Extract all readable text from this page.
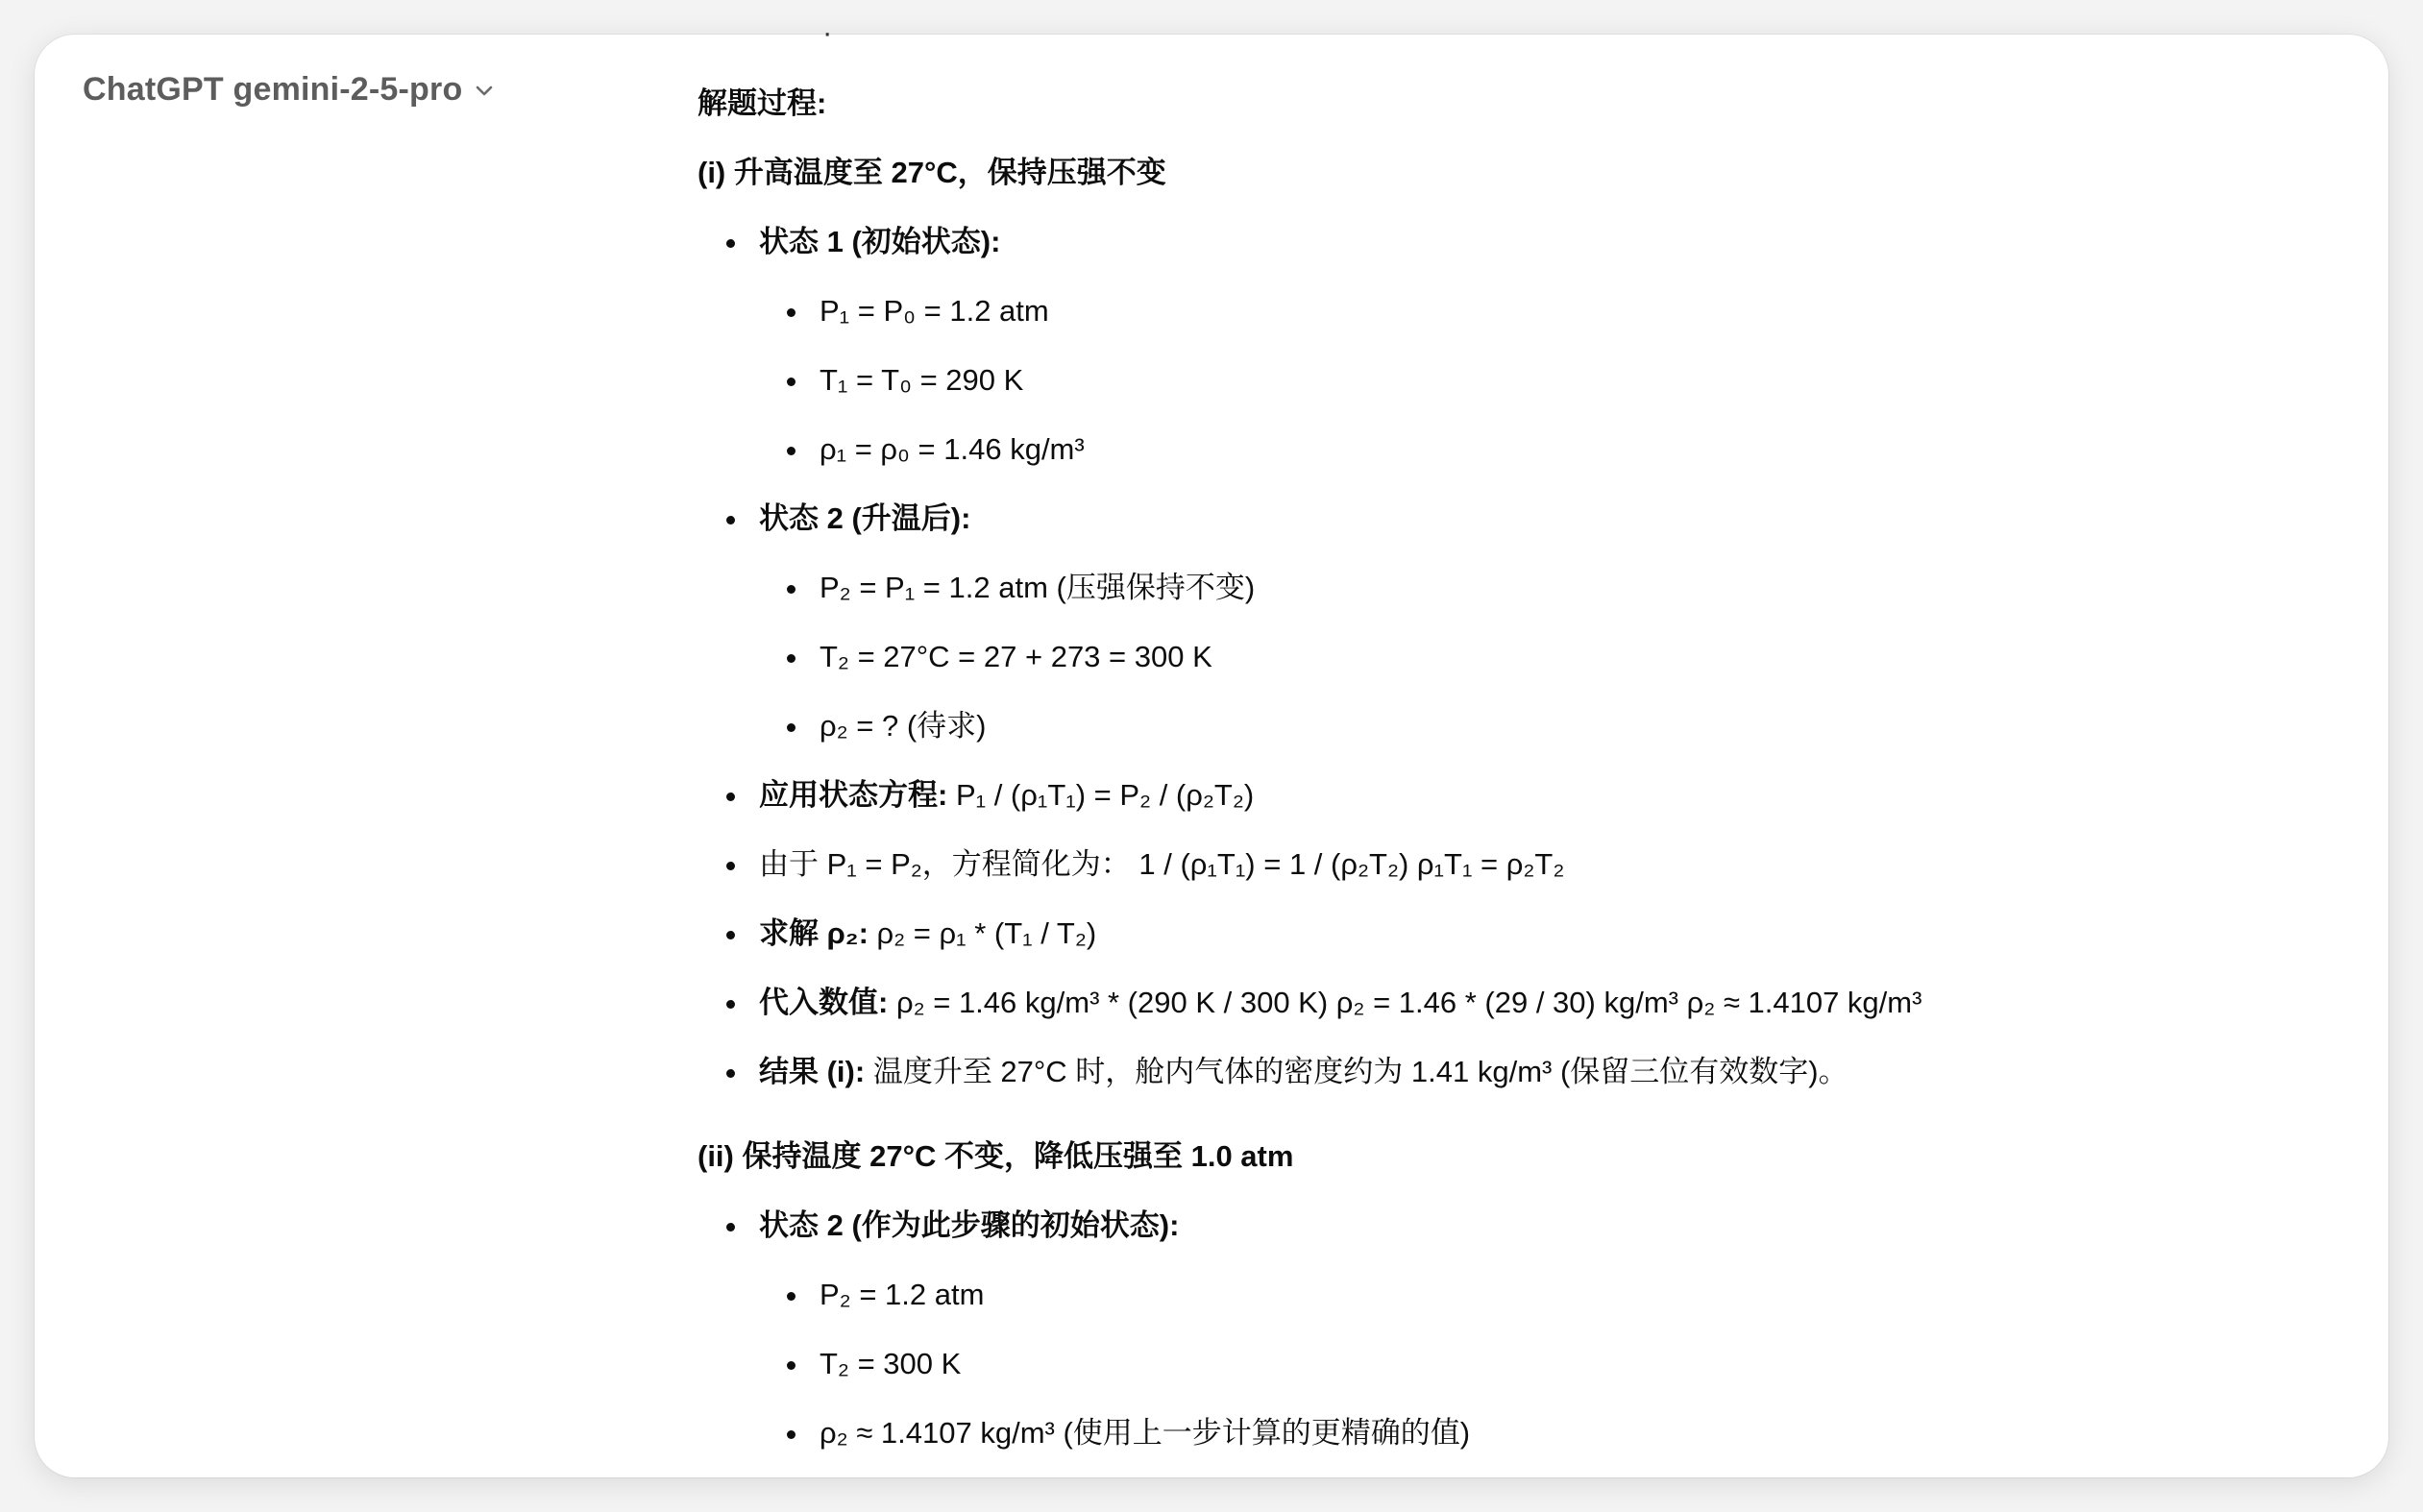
ChatGPT gemini-2-5-pro
·
解题过程:
(i) 升高温度至 27°C，保持压强不变
状态 1 (初始状态):
P₁ = P₀ = 1.2 atm
T₁ = T₀ = 290 K
ρ₁ = ρ₀ = 1.46 kg/m³
状态 2 (升温后):
P₂ = P₁ = 1.2 atm (压强保持不变)
T₂ = 27°C = 27 + 273 = 300 K
ρ₂ = ? (待求)
应用状态方程: P₁ / (ρ₁T₁) = P₂ / (ρ₂T₂)
由于 P₁ = P₂，方程简化为： 1 / (ρ₁T₁) = 1 / (ρ₂T₂) ρ₁T₁ = ρ₂T₂
求解 ρ₂: ρ₂ = ρ₁ * (T₁ / T₂)
代入数值: ρ₂ = 1.46 kg/m³ * (290 K / 300 K) ρ₂ = 1.46 * (29 / 30) kg/m³ ρ₂ ≈ 1.4107 kg/m³
结果 (i): 温度升至 27°C 时，舱内气体的密度约为 1.41 kg/m³ (保留三位有效数字)。
(ii) 保持温度 27°C 不变，降低压强至 1.0 atm
状态 2 (作为此步骤的初始状态):
P₂ = 1.2 atm
T₂ = 300 K
ρ₂ ≈ 1.4107 kg/m³ (使用上一步计算的更精确的值)
